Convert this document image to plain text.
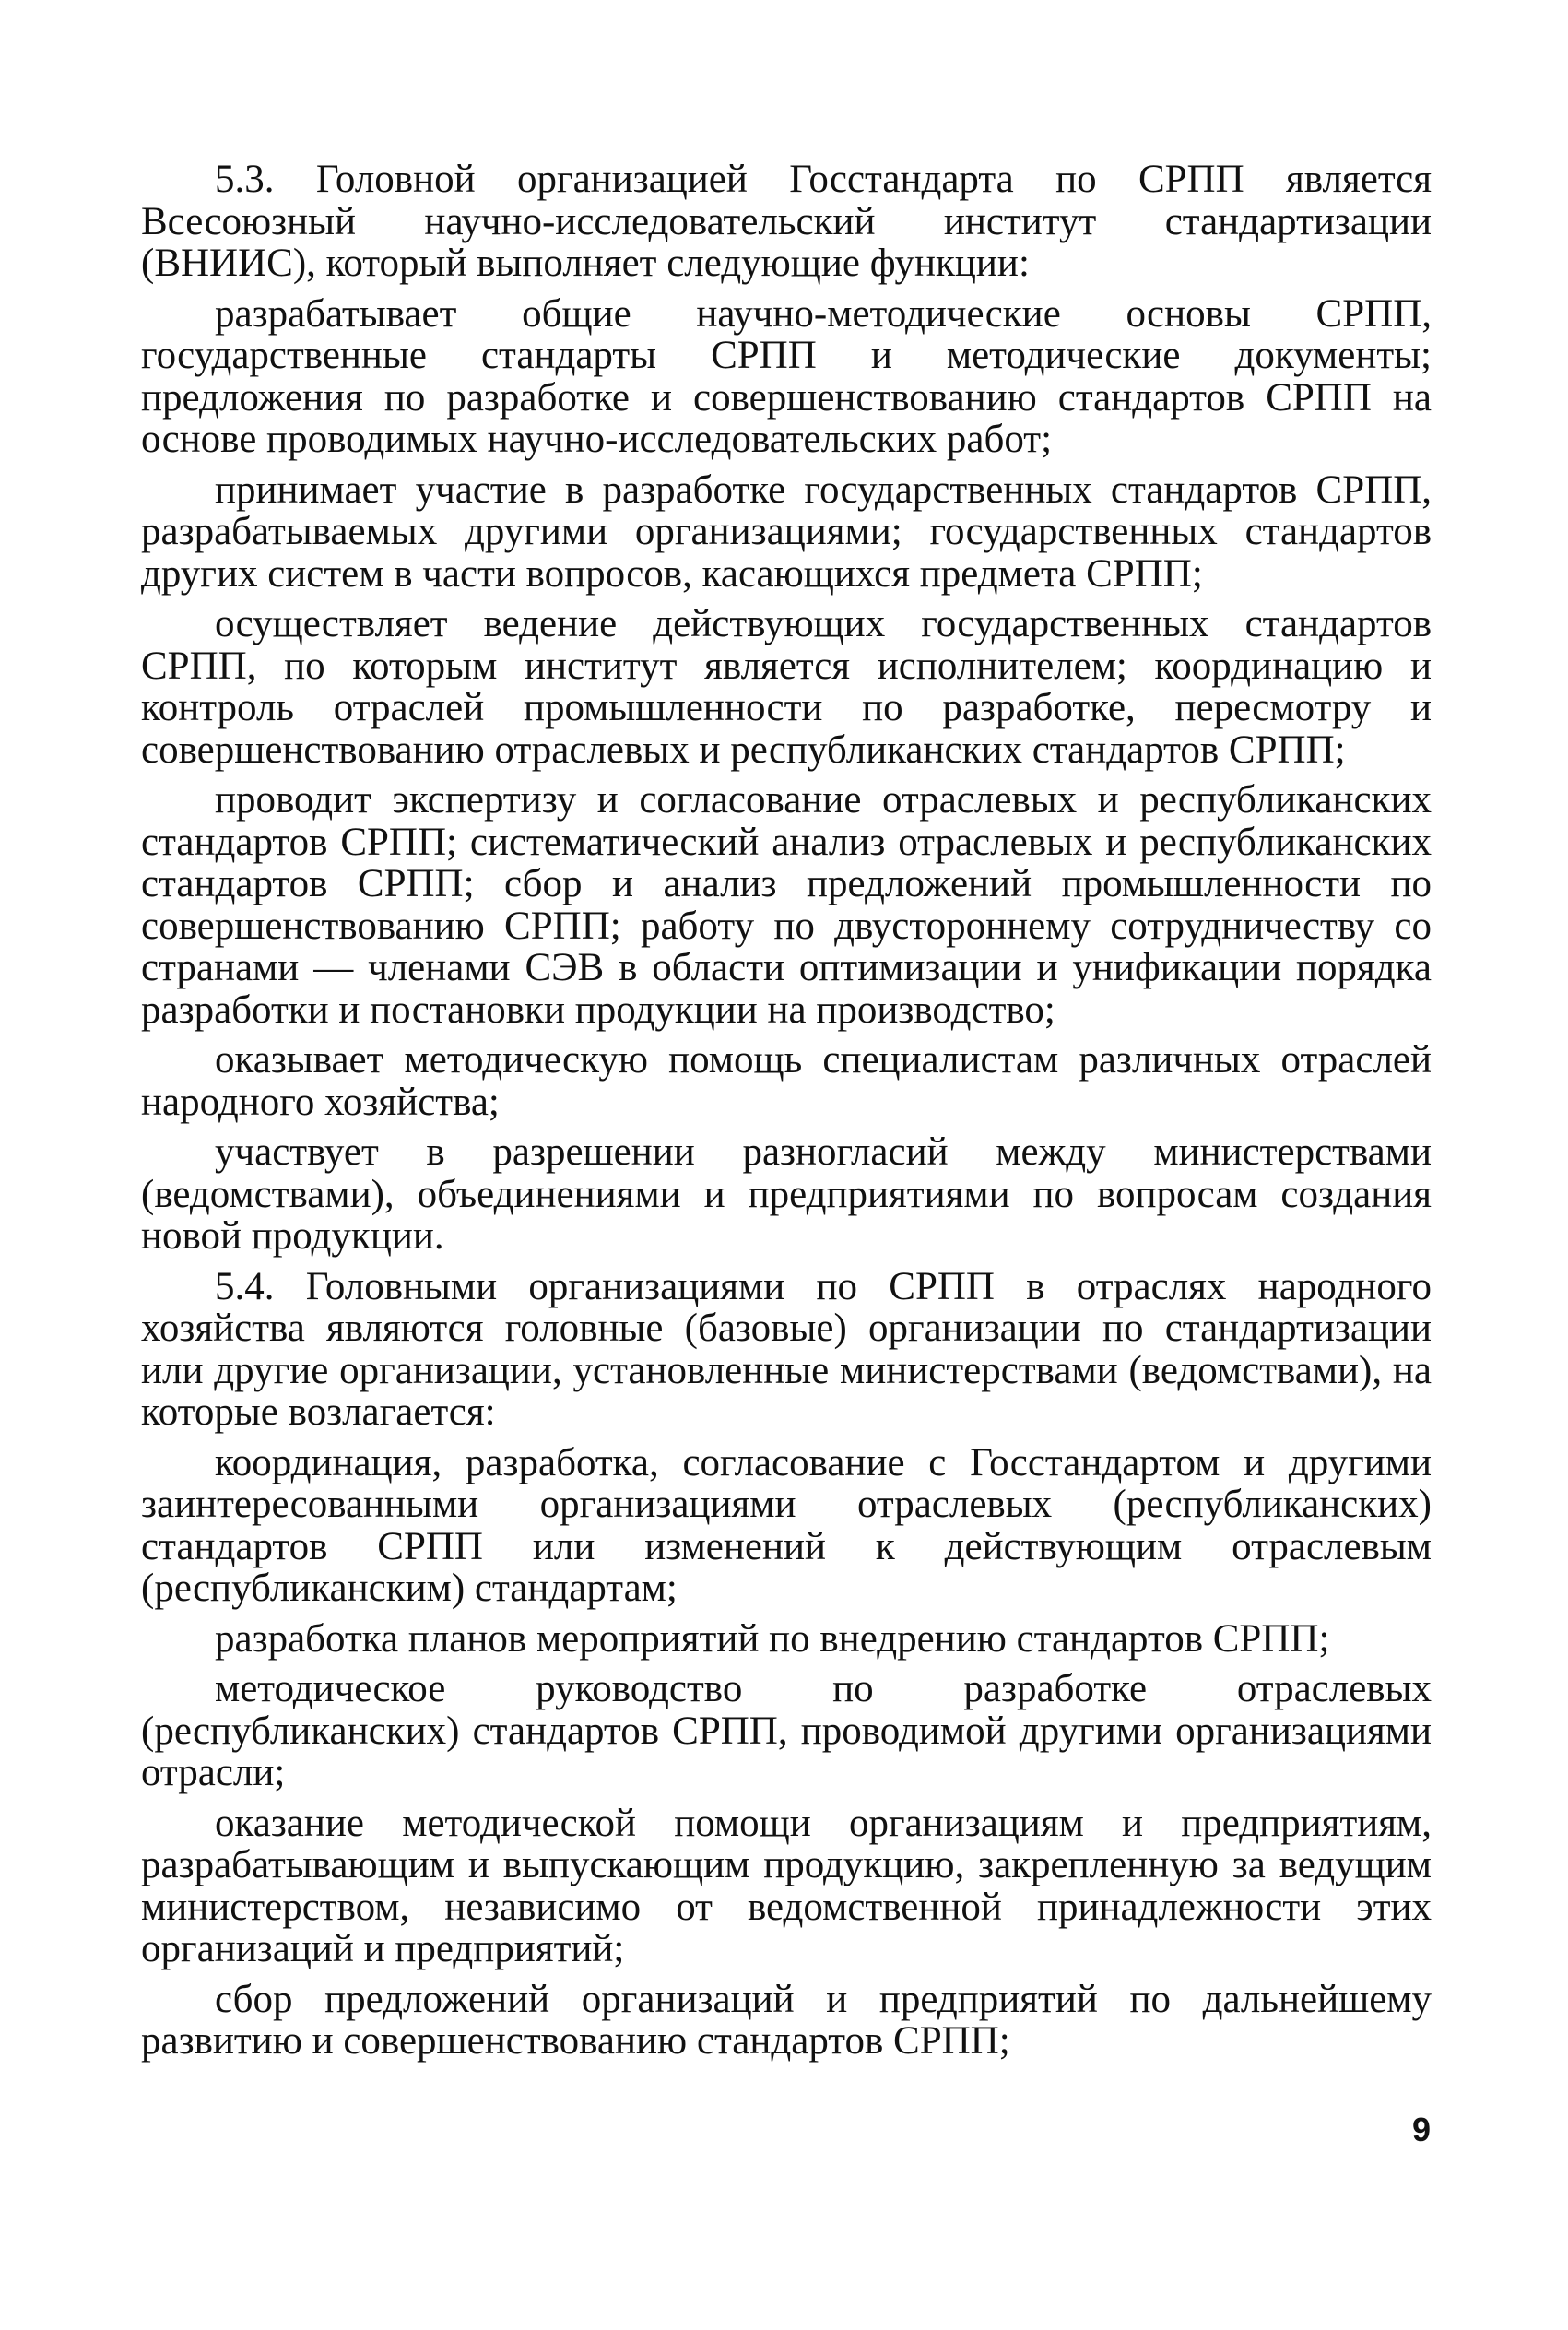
5.3. Головной организацией Госстандарта по СРПП является Всесоюзный научно-исследовательский институт стандартизации (ВНИИС), который выполняет следующие функции:

разрабатывает общие научно-методические основы СРПП, государственные стандарты СРПП и методические документы; предложения по разработке и совершенствованию стандартов СРПП на основе проводимых научно-исследовательских работ;

принимает участие в разработке государственных стандартов СРПП, разрабатываемых другими организациями; государственных стандартов других систем в части вопросов, касающихся предмета СРПП;

осуществляет ведение действующих государственных стандартов СРПП, по которым институт является исполнителем; координацию и контроль отраслей промышленности по разработке, пересмотру и совершенствованию отраслевых и республиканских стандартов СРПП;

проводит экспертизу и согласование отраслевых и республиканских стандартов СРПП; систематический анализ отраслевых и республиканских стандартов СРПП; сбор и анализ предложений промышленности по совершенствованию СРПП; работу по двустороннему сотрудничеству со странами — членами СЭВ в области оптимизации и унификации порядка разработки и постановки продукции на производство;

оказывает методическую помощь специалистам различных отраслей народного хозяйства;

участвует в разрешении разногласий между министерствами (ведомствами), объединениями и предприятиями по вопросам создания новой продукции.

5.4. Головными организациями по СРПП в отраслях народного хозяйства являются головные (базовые) организации по стандартизации или другие организации, установленные министерствами (ведомствами), на которые возлагается:

координация, разработка, согласование с Госстандартом и другими заинтересованными организациями отраслевых (республиканских) стандартов СРПП или изменений к действующим отраслевым (республиканским) стандартам;

разработка планов мероприятий по внедрению стандартов СРПП;

методическое руководство по разработке отраслевых (республиканских) стандартов СРПП, проводимой другими организациями отрасли;

оказание методической помощи организациям и предприятиям, разрабатывающим и выпускающим продукцию, закрепленную за ведущим министерством, независимо от ведомственной принадлежности этих организаций и предприятий;

сбор предложений организаций и предприятий по дальнейшему развитию и совершенствованию стандартов СРПП;

9
